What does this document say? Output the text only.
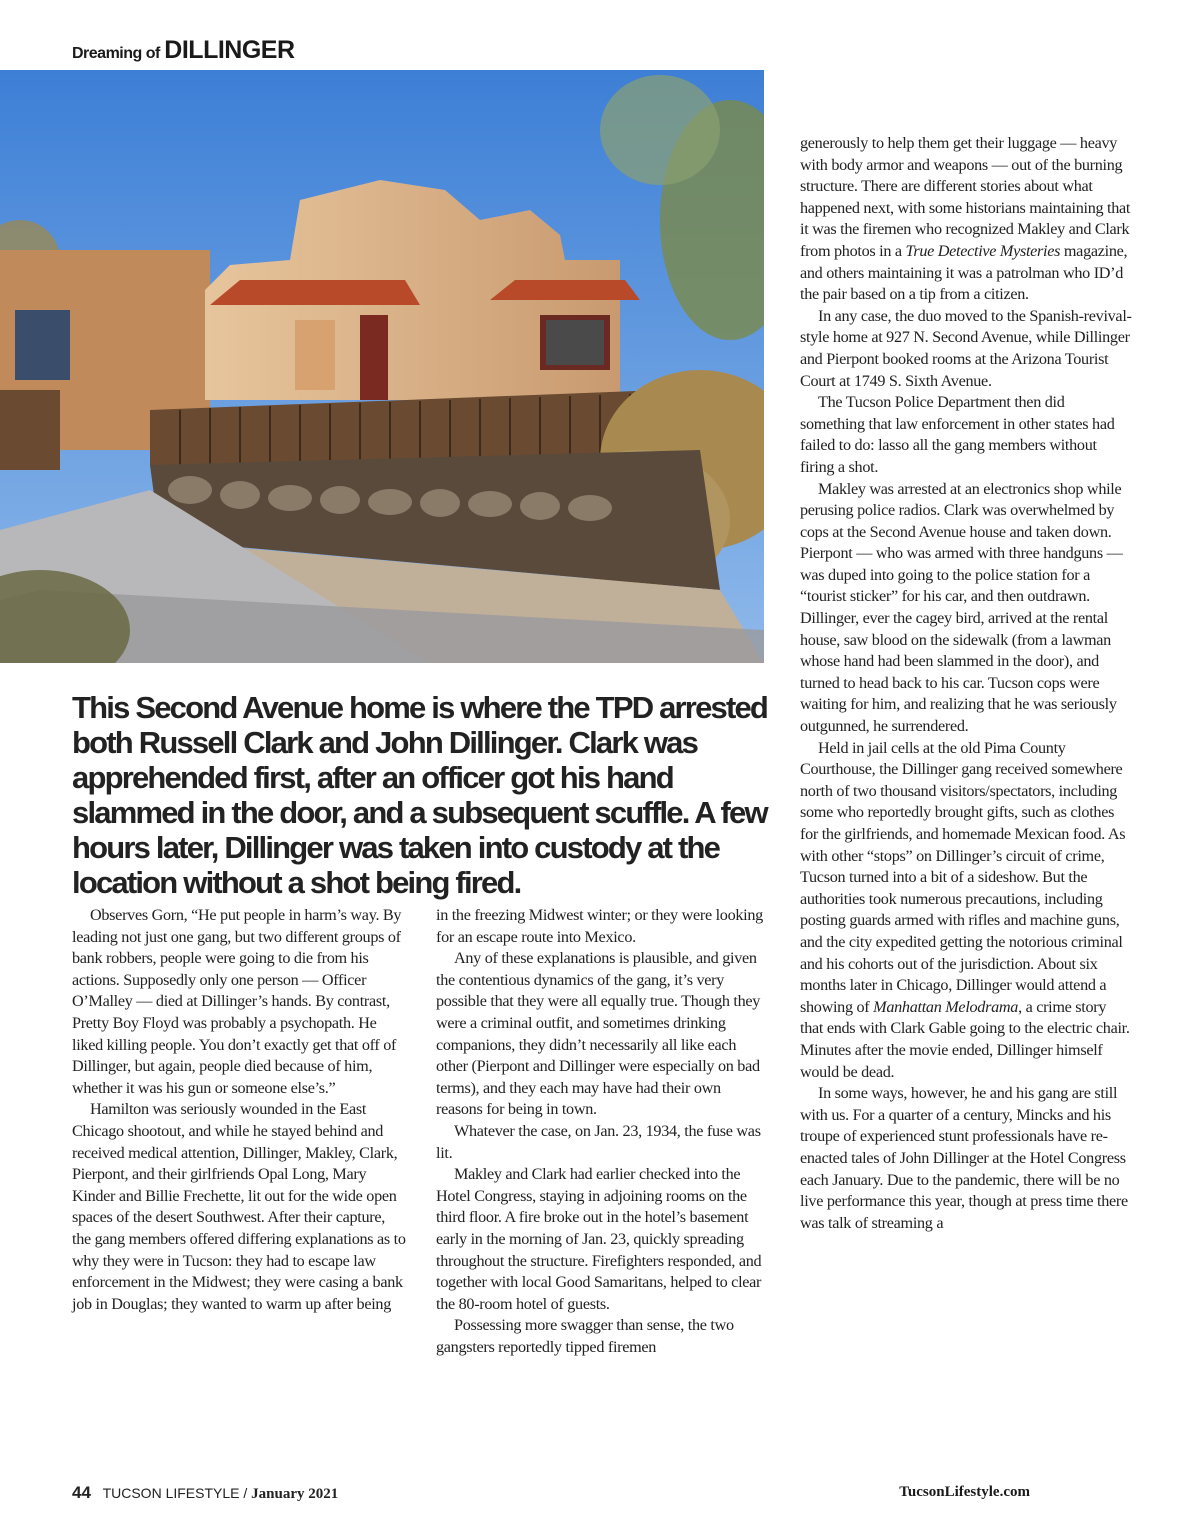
Dreaming of DILLINGER

This Second Avenue home is where the TPD arrested both Russell Clark and John Dillinger. Clark was apprehended first, after an officer got his hand slammed in the door, and a subsequent scuffle. A few hours later, Dillinger was taken into custody at the location without a shot being fired.

Observes Gorn, “He put people in harm’s way. By leading not just one gang, but two different groups of bank robbers, people were going to die from his actions. Supposedly only one person — Officer O’Malley — died at Dillinger’s hands. By contrast, Pretty Boy Floyd was probably a psychopath. He liked killing people. You don’t exactly get that off of Dillinger, but again, people died because of him, whether it was his gun or someone else’s.”

Hamilton was seriously wounded in the East Chicago shootout, and while he stayed behind and received medical attention, Dillinger, Makley, Clark, Pierpont, and their girlfriends Opal Long, Mary Kinder and Billie Frechette, lit out for the wide open spaces of the desert Southwest. After their capture, the gang members offered differing explanations as to why they were in Tucson: they had to escape law enforcement in the Midwest; they were casing a bank job in Douglas; they wanted to warm up after being

in the freezing Midwest winter; or they were looking for an escape route into Mexico.

Any of these explanations is plausible, and given the contentious dynamics of the gang, it’s very possible that they were all equally true. Though they were a criminal outfit, and sometimes drinking companions, they didn’t necessarily all like each other (Pierpont and Dillinger were especially on bad terms), and they each may have had their own reasons for being in town.

Whatever the case, on Jan. 23, 1934, the fuse was lit.

Makley and Clark had earlier checked into the Hotel Congress, staying in adjoining rooms on the third floor. A fire broke out in the hotel’s basement early in the morning of Jan. 23, quickly spreading throughout the structure. Firefighters responded, and together with local Good Samaritans, helped to clear the 80-room hotel of guests.

Possessing more swagger than sense, the two gangsters reportedly tipped firemen

generously to help them get their luggage — heavy with body armor and weapons — out of the burning structure. There are different stories about what happened next, with some historians maintaining that it was the firemen who recognized Makley and Clark from photos in a True Detective Mysteries magazine, and others maintaining it was a patrolman who ID’d the pair based on a tip from a citizen.

In any case, the duo moved to the Spanish-revival-style home at 927 N. Second Avenue, while Dillinger and Pierpont booked rooms at the Arizona Tourist Court at 1749 S. Sixth Avenue.

The Tucson Police Department then did something that law enforcement in other states had failed to do: lasso all the gang members without firing a shot.

Makley was arrested at an electronics shop while perusing police radios. Clark was overwhelmed by cops at the Second Avenue house and taken down. Pierpont — who was armed with three handguns — was duped into going to the police station for a “tourist sticker” for his car, and then outdrawn. Dillinger, ever the cagey bird, arrived at the rental house, saw blood on the sidewalk (from a lawman whose hand had been slammed in the door), and turned to head back to his car. Tucson cops were waiting for him, and realizing that he was seriously outgunned, he surrendered.

Held in jail cells at the old Pima County Courthouse, the Dillinger gang received somewhere north of two thousand visitors/spectators, including some who reportedly brought gifts, such as clothes for the girlfriends, and homemade Mexican food. As with other “stops” on Dillinger’s circuit of crime, Tucson turned into a bit of a sideshow. But the authorities took numerous precautions, including posting guards armed with rifles and machine guns, and the city expedited getting the notorious criminal and his cohorts out of the jurisdiction. About six months later in Chicago, Dillinger would attend a showing of Manhattan Melodrama, a crime story that ends with Clark Gable going to the electric chair. Minutes after the movie ended, Dillinger himself would be dead.

In some ways, however, he and his gang are still with us. For a quarter of a century, Mincks and his troupe of experienced stunt professionals have re-enacted tales of John Dillinger at the Hotel Congress each January. Due to the pandemic, there will be no live performance this year, though at press time there was talk of streaming a

44 TUCSON LIFESTYLE / January 2021	TucsonLifestyle.com
